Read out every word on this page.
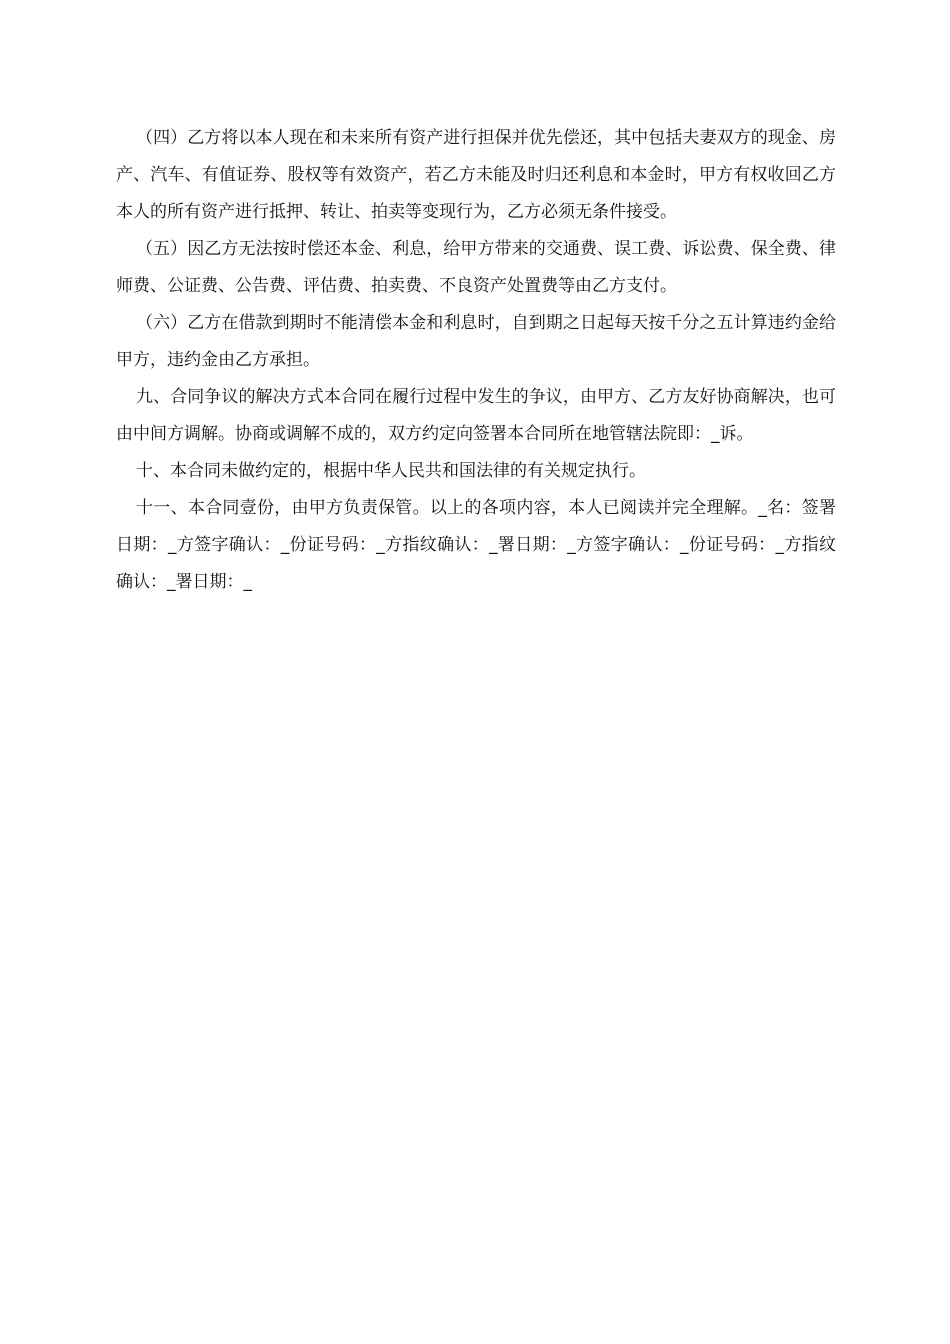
（四）乙方将以本人现在和未来所有资产进行担保并优先偿还，其中包括夫妻双方的现金、房产、汽车、有值证券、股权等有效资产，若乙方未能及时归还利息和本金时，甲方有权收回乙方本人的所有资产进行抵押、转让、拍卖等变现行为，乙方必须无条件接受。

（五）因乙方无法按时偿还本金、利息，给甲方带来的交通费、误工费、诉讼费、保全费、律师费、公证费、公告费、评估费、拍卖费、不良资产处置费等由乙方支付。

（六）乙方在借款到期时不能清偿本金和利息时，自到期之日起每天按千分之五计算违约金给甲方，违约金由乙方承担。

九、合同争议的解决方式本合同在履行过程中发生的争议，由甲方、乙方友好协商解决，也可由中间方调解。协商或调解不成的，双方约定向签署本合同所在地管辖法院即：_诉。

十、本合同未做约定的，根据中华人民共和国法律的有关规定执行。

十一、本合同壹份，由甲方负责保管。以上的各项内容，本人已阅读并完全理解。_名：签署日期：_方签字确认：_份证号码：_方指纹确认：_署日期：_方签字确认：_份证号码：_方指纹确认：_署日期：_
